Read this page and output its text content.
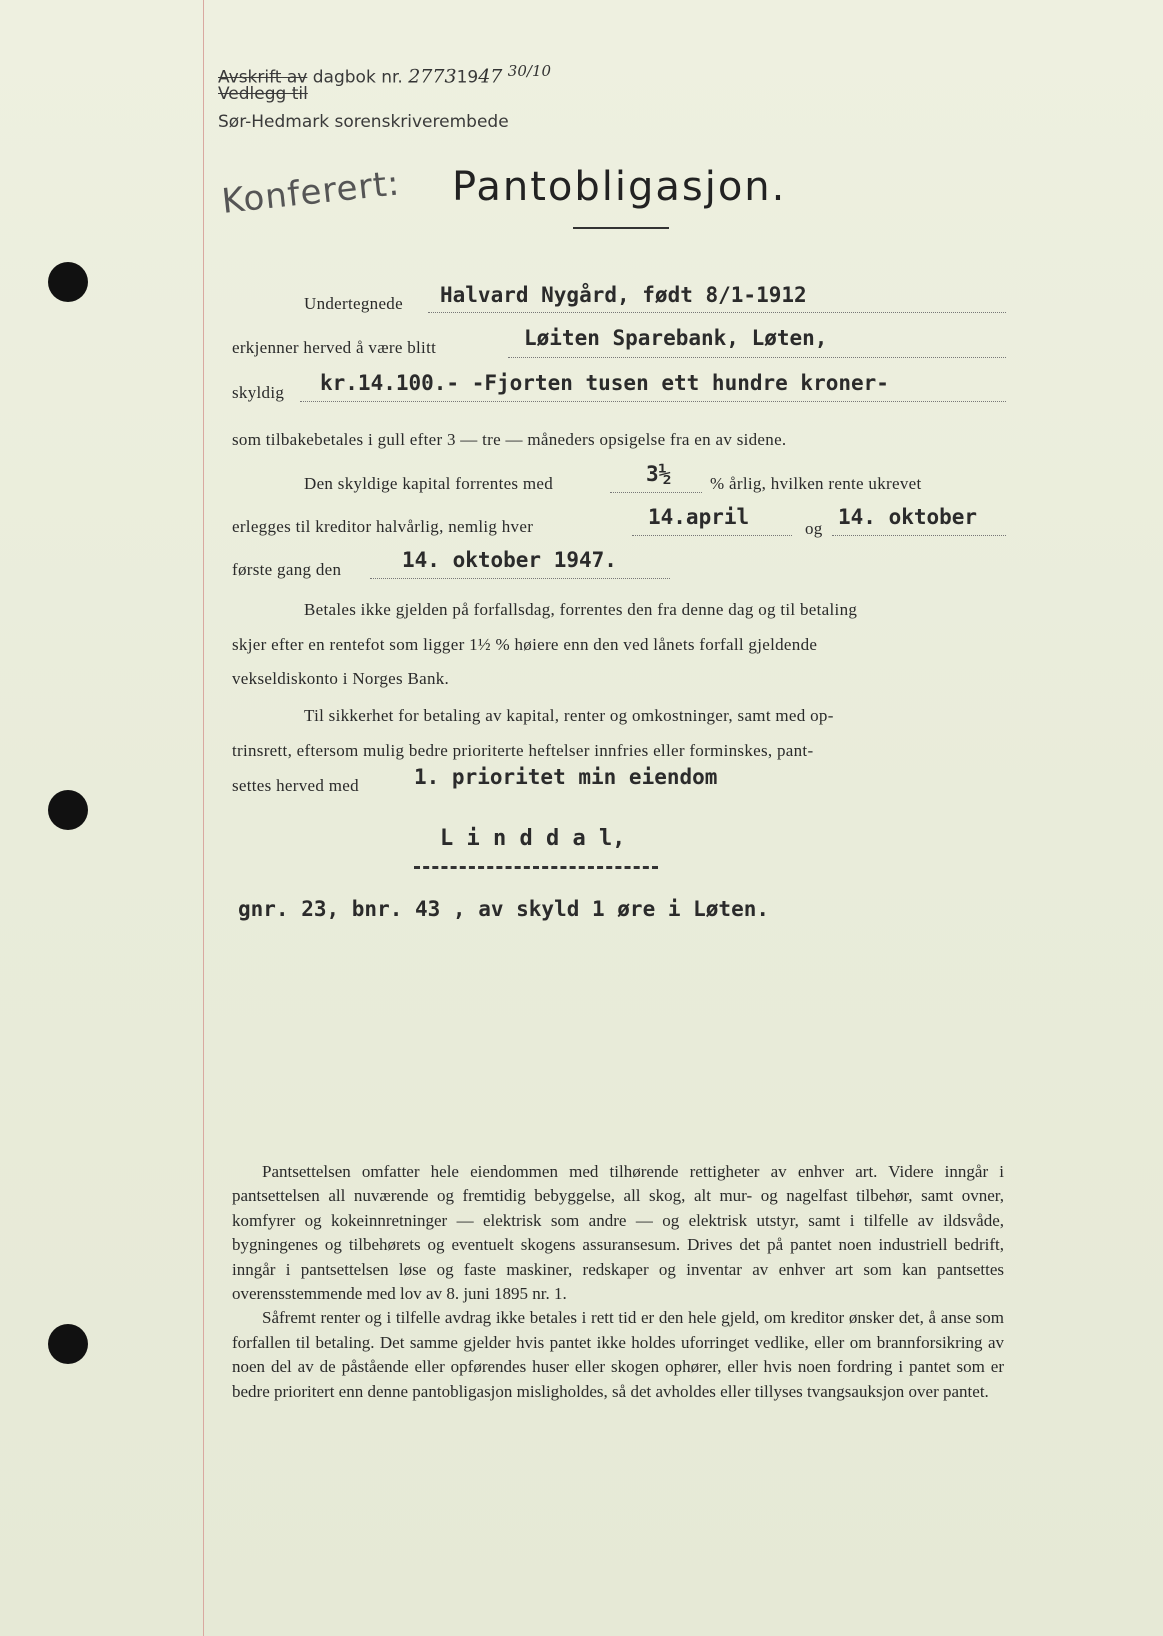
Avskrift av dagbok nr. 27731947 30/10
Vedlegg til
Sør-Hedmark sorenskriverembede
Konferert: Pantobligasjon.
Undertegnede Halvard Nygård, født 8/1-1912
erkjenner herved å være blitt	Løiten Sparebank, Løten,
skyldig kr.14.100.- -Fjorten tusen ett hundre kroner-
som tilbakebetales i gull efter 3 — tre — måneders opsigelse fra en av sidene.
Den skyldige kapital forrentes med	3½ % årlig, hvilken rente ukrevet
erlegges til kreditor halvårlig, nemlig hver	14.april	og 14. oktober
første gang den	14. oktober 1947.
Betales ikke gjelden på forfallsdag, forrentes den fra denne dag og til betaling
skjer efter en rentefot som ligger 1½ % høiere enn den ved lånets forfall gjeldende
vekseldiskonto i Norges Bank.
Til sikkerhet for betaling av kapital, renter og omkostninger, samt med op-
trinsrett, eftersom mulig bedre prioriterte heftelser innfries eller forminskes, pant-
settes herved med	1. prioritet min eiendom
L i n d d a l,
gnr. 23, bnr. 43 , av skyld 1 øre i Løten.

Pantsettelsen omfatter hele eiendommen med tilhørende rettigheter av enhver art. Videre inngår i pantsettelsen all nuværende og fremtidig bebyggelse, all skog, alt mur- og nagelfast tilbehør, samt ovner, komfyrer og kokeinnretninger — elektrisk som andre — og elektrisk utstyr, samt i tilfelle av ildsvåde, bygningenes og tilbehørets og eventuelt skogens assuransesum. Drives det på pantet noen industriell bedrift, inngår i pantsettelsen løse og faste maskiner, redskaper og inventar av enhver art som kan pantsettes overensstemmende med lov av 8. juni 1895 nr. 1.

Såfremt renter og i tilfelle avdrag ikke betales i rett tid er den hele gjeld, om kreditor ønsker det, å anse som forfallen til betaling. Det samme gjelder hvis pantet ikke holdes uforringet vedlike, eller om brannforsikring av noen del av de påstående eller opførendes huser eller skogen ophører, eller hvis noen fordring i pantet som er bedre prioritert enn denne pantobligasjon misligholdes, så det avholdes eller tillyses tvangsauksjon over pantet.
